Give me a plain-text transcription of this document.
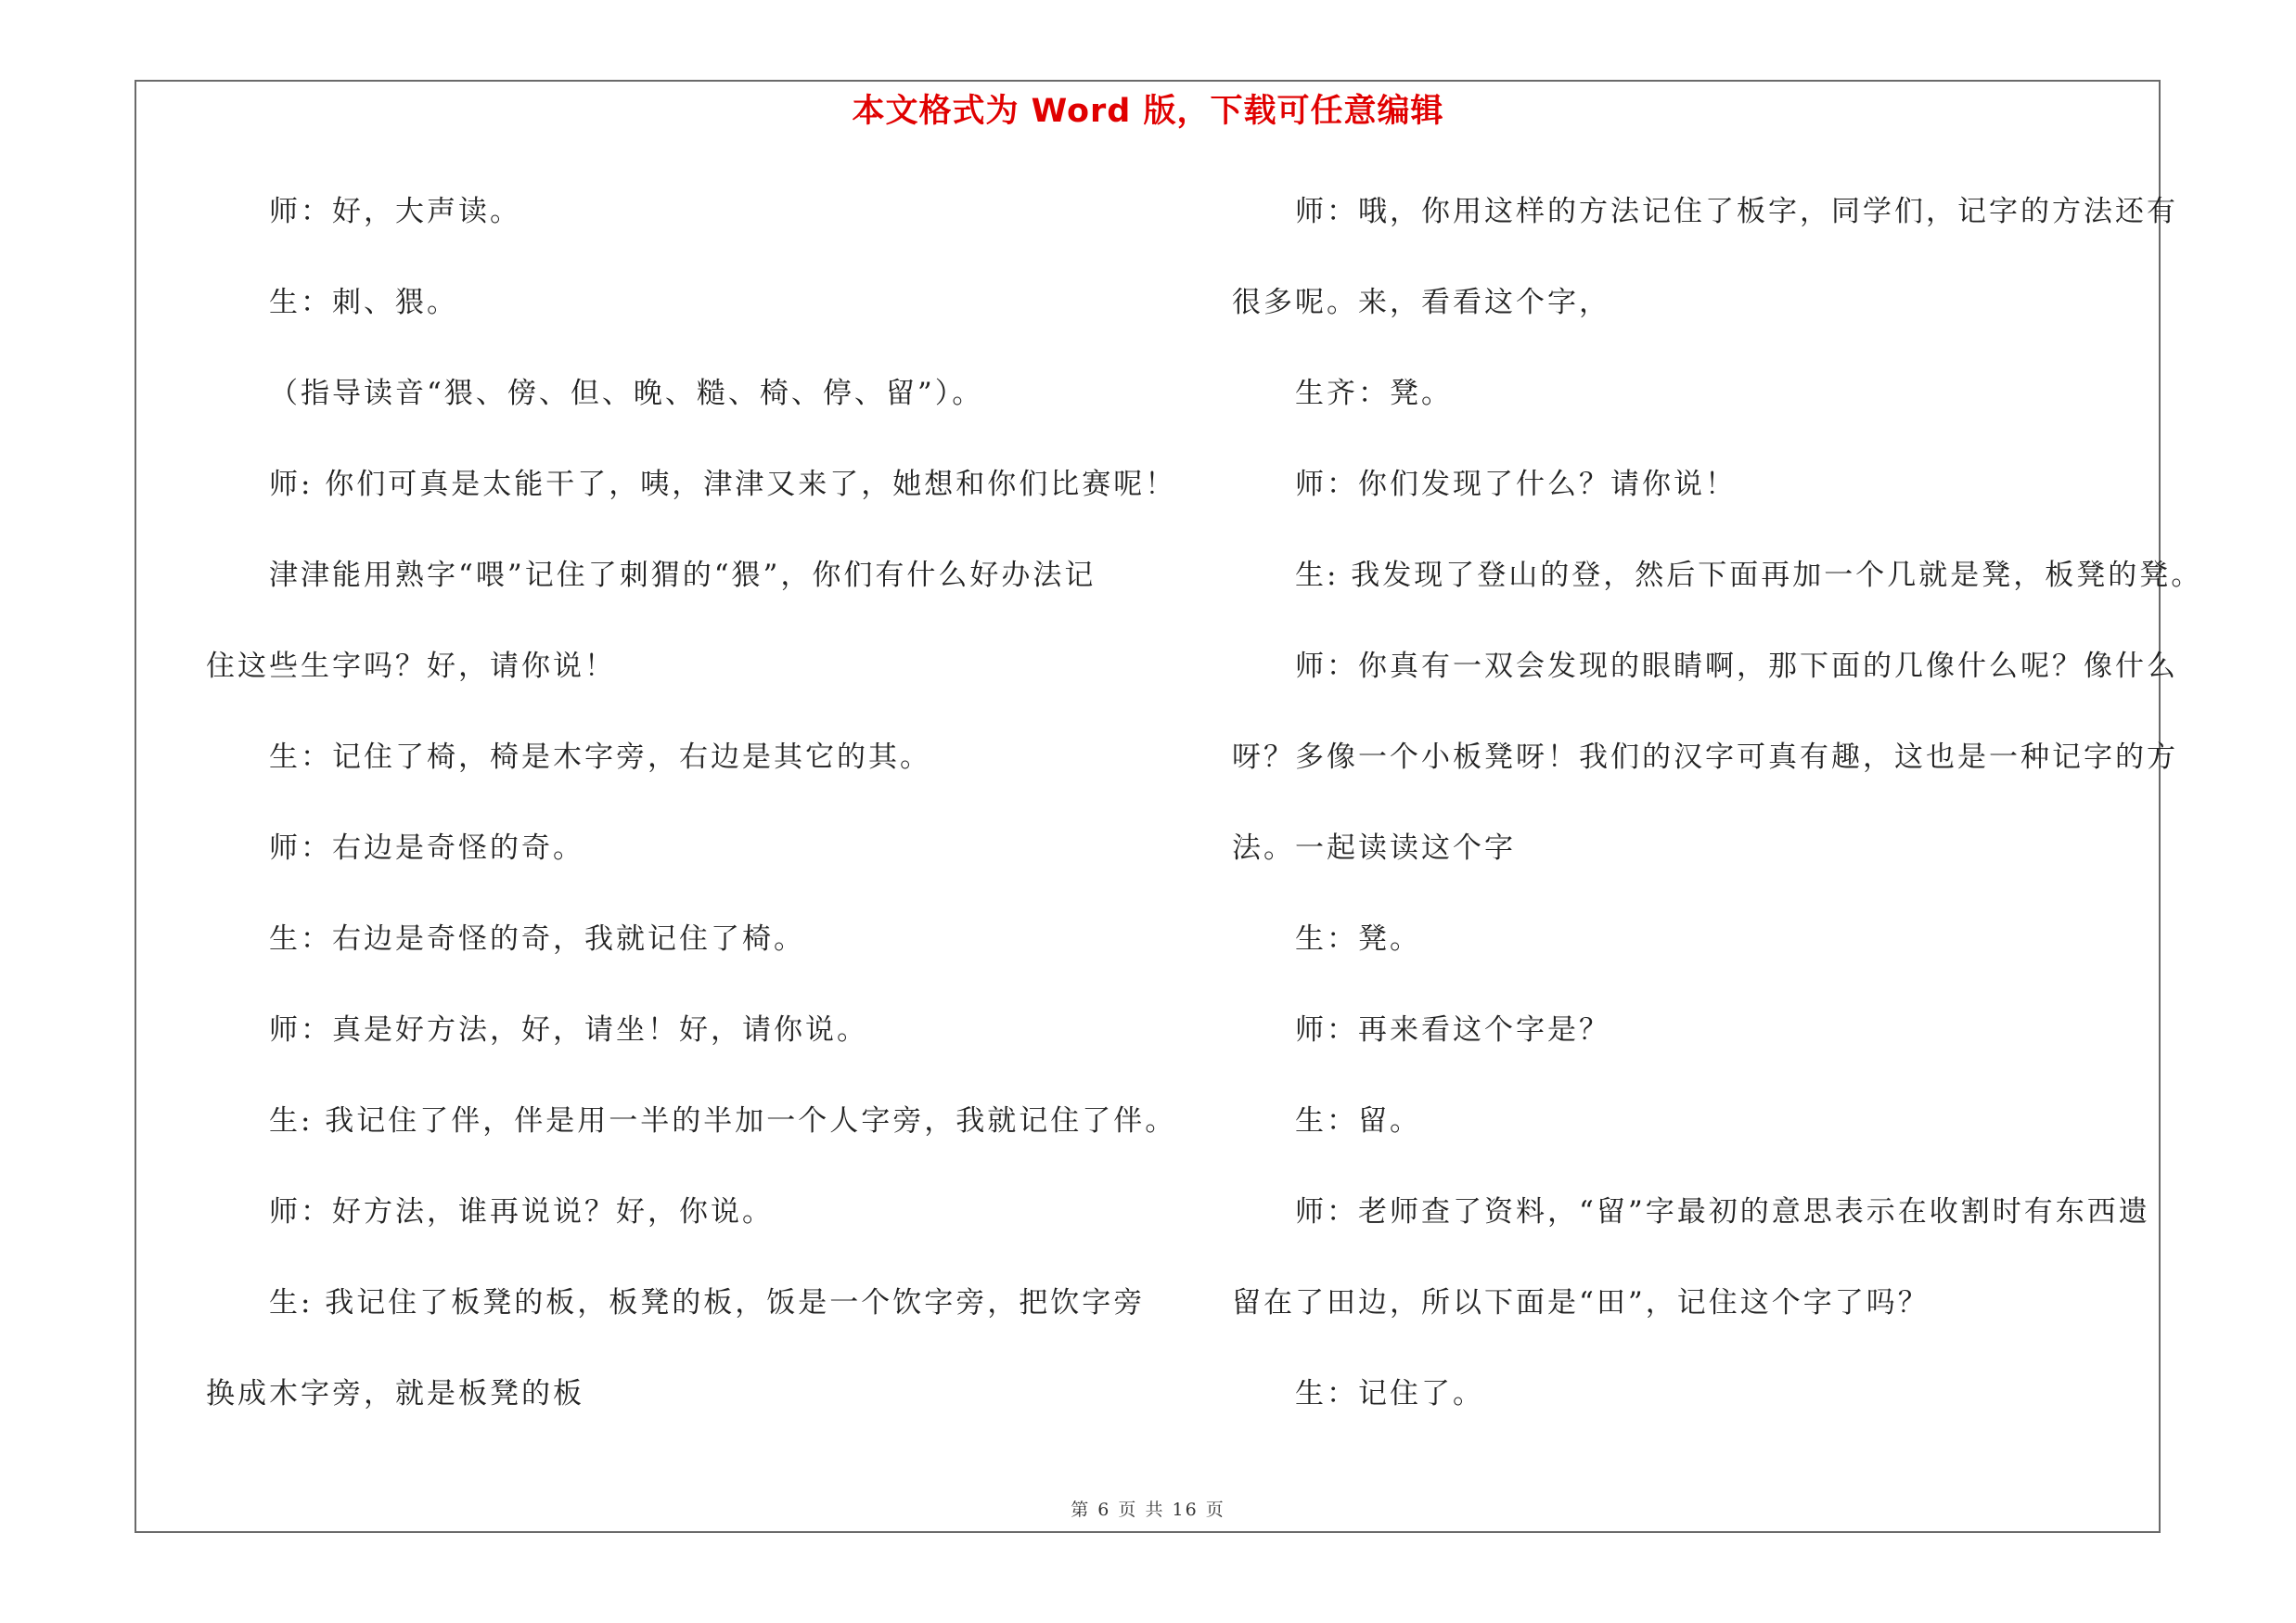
本文格式为 Word 版，下载可任意编辑
师：好，大声读。
生：刺、猥。
（指导读音“猥、傍、但、晚、糙、椅、停、留”）。
师: 你们可真是太能干了，咦，津津又来了，她想和你们比赛呢！
津津能用熟字“喂”记住了刺猬的“猥”，你们有什么好办法记
住这些生字吗？好，请你说！
生：记住了椅，椅是木字旁，右边是其它的其。
师：右边是奇怪的奇。
生：右边是奇怪的奇，我就记住了椅。
师：真是好方法，好，请坐！好，请你说。
生: 我记住了伴，伴是用一半的半加一个人字旁，我就记住了伴。
师：好方法，谁再说说？好，你说。
生: 我记住了板凳的板，板凳的板，饭是一个饮字旁，把饮字旁
换成木字旁，就是板凳的板
师：哦，你用这样的方法记住了板字，同学们，记字的方法还有
很多呢。来，看看这个字，
生齐：凳。
师：你们发现了什么？请你说！
生: 我发现了登山的登，然后下面再加一个几就是凳，板凳的凳。
师：你真有一双会发现的眼睛啊，那下面的几像什么呢？像什么
呀？多像一个小板凳呀！我们的汉字可真有趣，这也是一种记字的方
法。一起读读这个字
生：凳。
师：再来看这个字是？
生：留。
师：老师查了资料，“留”字最初的意思表示在收割时有东西遗
留在了田边，所以下面是“田”，记住这个字了吗？
生：记住了。
第 6 页 共 16 页
